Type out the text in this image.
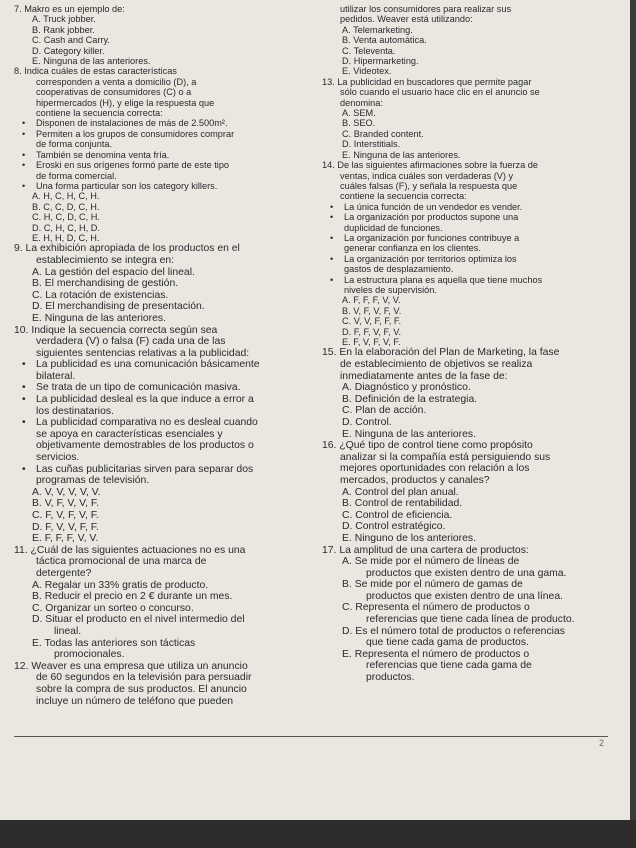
7. Makro es un ejemplo de:
A. Truck jobber.
B. Rank jobber.
C. Cash and Carry.
D. Category killer.
E. Ninguna de las anteriores.
8. Indica cuáles de estas características
corresponden a venta a domicilio (D), a
cooperativas de consumidores (C) o a
hipermercados (H), y elige la respuesta que
contiene la secuencia correcta:
• Disponen de instalaciones de más de 2.500m².
• Permiten a los grupos de consumidores comprar
de forma conjunta.
• También se denomina venta fría.
• Eroski en sus orígenes formó parte de este tipo
de forma comercial.
• Una forma particular son los category killers.
A. H, C, H, C, H.
B. C, C, D, C, H.
C. H, C, D, C, H.
D. C, H, C, H, D.
E. H, H, D, C, H.
9. La exhibición apropiada de los productos en el
establecimiento se integra en:
A. La gestión del espacio del lineal.
B. El merchandising de gestión.
C. La rotación de existencias.
D. El merchandising de presentación.
E. Ninguna de las anteriores.
10. Indique la secuencia correcta según sea
verdadera (V) o falsa (F) cada una de las
siguientes sentencias relativas a la publicidad:
• La publicidad es una comunicación básicamente
bilateral.
• Se trata de un tipo de comunicación masiva.
• La publicidad desleal es la que induce a error a
los destinatarios.
• La publicidad comparativa no es desleal cuando
se apoya en características esenciales y
objetivamente demostrables de los productos o
servicios.
• Las cuñas publicitarias sirven para separar dos
programas de televisión.
A. V, V, V, V, V.
B. V, F, V, V, F.
C. F, V, F, V, F.
D. F, V, V, F, F.
E. F, F, F, V, V.
11. ¿Cuál de las siguientes actuaciones no es una
táctica promocional de una marca de
detergente?
A. Regalar un 33% gratis de producto.
B. Reducir el precio en 2 € durante un mes.
C. Organizar un sorteo o concurso.
D. Situar el producto en el nivel intermedio del
lineal.
E. Todas las anteriores son tácticas
promocionales.
12. Weaver es una empresa que utiliza un anuncio
de 60 segundos en la televisión para persuadir
sobre la compra de sus productos. El anuncio
incluye un número de teléfono que pueden
utilizar los consumidores para realizar sus
pedidos. Weaver está utilizando:
A. Telemarketing.
B. Venta automática.
C. Televenta.
D. Hipermarketing.
E. Videotex.
13. La publicidad en buscadores que permite pagar
sólo cuando el usuario hace clic en el anuncio se
denomina:
A. SEM.
B. SEO.
C. Branded content.
D. Interstitials.
E. Ninguna de las anteriores.
14. De las siguientes afirmaciones sobre la fuerza de
ventas, indica cuáles son verdaderas (V) y
cuáles falsas (F), y señala la respuesta que
contiene la secuencia correcta:
• La única función de un vendedor es vender.
• La organización por productos supone una
duplicidad de funciones.
• La organización por funciones contribuye a
generar confianza en los clientes.
• La organización por territorios optimiza los
gastos de desplazamiento.
• La estructura plana es aquella que tiene muchos
niveles de supervisión.
A. F, F, F, V, V.
B. V, F, V, F, V.
C. V, V, F, F, F.
D. F, F, V, F, V.
E. F, V, F, V, F.
15. En la elaboración del Plan de Marketing, la fase
de establecimiento de objetivos se realiza
inmediatamente antes de la fase de:
A. Diagnóstico y pronóstico.
B. Definición de la estrategia.
C. Plan de acción.
D. Control.
E. Ninguna de las anteriores.
16. ¿Qué tipo de control tiene como propósito
analizar si la compañía está persiguiendo sus
mejores oportunidades con relación a los
mercados, productos y canales?
A. Control del plan anual.
B. Control de rentabilidad.
C. Control de eficiencia.
D. Control estratégico.
E. Ninguno de los anteriores.
17. La amplitud de una cartera de productos:
A. Se mide por el número de líneas de
productos que existen dentro de una gama.
B. Se mide por el número de gamas de
productos que existen dentro de una línea.
C. Representa el número de productos o
referencias que tiene cada línea de producto.
D. Es el número total de productos o referencias
que tiene cada gama de productos.
E. Representa el número de productos o
referencias que tiene cada gama de
productos.
2
